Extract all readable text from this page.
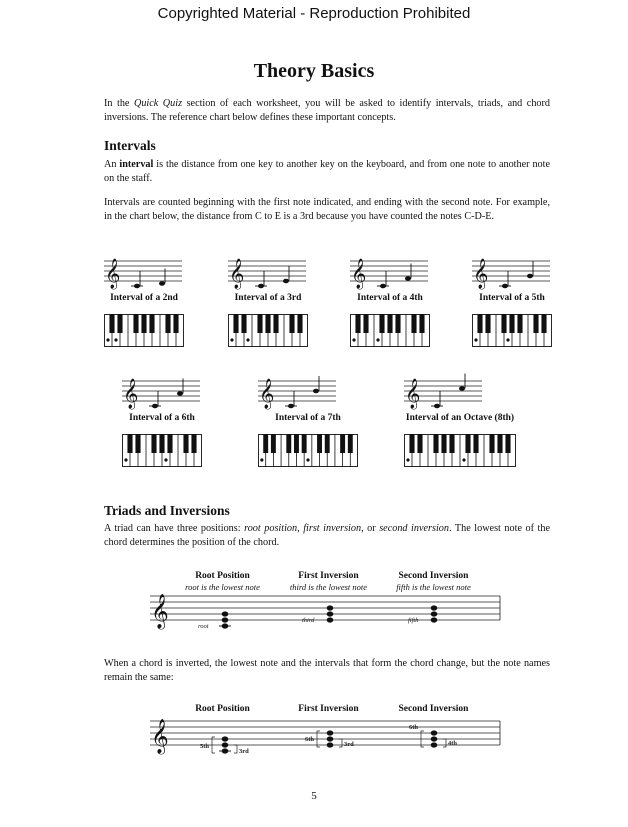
Copyrighted Material - Reproduction Prohibited
Theory Basics

In the Quick Quiz section of each worksheet, you will be asked to identify intervals, triads, and chord inversions. The reference chart below defines these important concepts.

Intervals

An interval is the distance from one key to another key on the keyboard, and from one note to another note on the staff.

Intervals are counted beginning with the first note indicated, and ending with the second note. For example, in the chart below, the distance from C to E is a 3rd because you have counted the notes C-D-E.

𝄞
Interval of a 2nd
𝄞
Interval of a 3rd
𝄞
Interval of a 4th
𝄞
Interval of a 5th
𝄞
Interval of a 6th
𝄞
Interval of a 7th
𝄞
Interval of an Octave (8th)
Triads and Inversions

A triad can have three positions: root position, first inversion, or second inversion. The lowest note of the chord determines the position of the chord.

Root Position
root is the lowest note
First Inversion
third is the lowest note
Second Inversion
fifth is the lowest note
𝄞	root
third	fifth

When a chord is inverted, the lowest note and the intervals that form the chord change, but the note names remain the same:

Root Position	First Inversion	Second Inversion
𝄞	5th
3rd
6th
3rd
6th
4th
5
